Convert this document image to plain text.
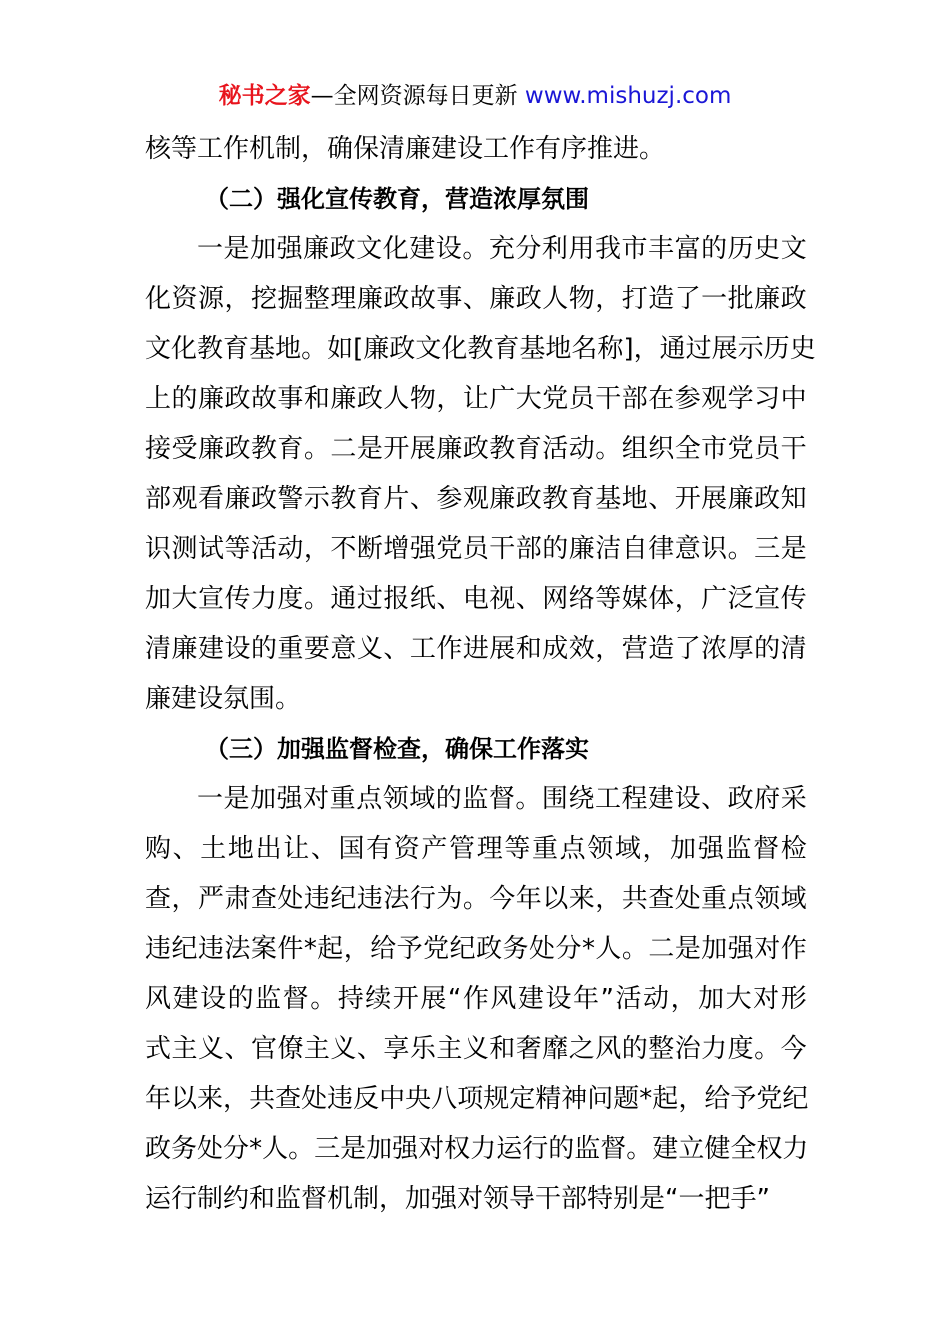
秘书之家—全网资源每日更新 www.mishuzj.com
核等工作机制，确保清廉建设工作有序推进。
（二）强化宣传教育，营造浓厚氛围
一 是 加 强 廉 政 文 化 建 设 。 充 分 利 用 我 市 丰 富 的 历 史 文
化 资 源 ， 挖 掘 整 理 廉 政 故 事 、 廉 政 人 物 ， 打 造 了 一 批 廉 政
文 化 教 育 基 地 。 如 [ 廉 政 文 化 教 育 基 地 名 称 ] ， 通 过 展 示 历 史
上 的 廉 政 故 事 和 廉 政 人 物 ， 让 广 大 党 员 干 部 在 参 观 学 习 中
接 受 廉 政 教 育 。 二 是 开 展 廉 政 教 育 活 动 。 组 织 全 市 党 员 干
部 观 看 廉 政 警 示 教 育 片 、 参 观 廉 政 教 育 基 地 、 开 展 廉 政 知
识 测 试 等 活 动 ， 不 断 增 强 党 员 干 部 的 廉 洁 自 律 意 识 。 三 是
加 大 宣 传 力 度 。 通 过 报 纸 、 电 视 、 网 络 等 媒 体 ， 广 泛 宣 传
清 廉 建 设 的 重 要 意 义 、 工 作 进 展 和 成 效 ， 营 造 了 浓 厚 的 清
廉建设氛围。
（三）加强监督检查，确保工作落实
一 是 加 强 对 重 点 领 域 的 监 督 。 围 绕 工 程 建 设 、 政 府 采
购 、 土 地 出 让 、 国 有 资 产 管 理 等 重 点 领 域 ， 加 强 监 督 检
查 ， 严 肃 查 处 违 纪 违 法 行 为 。 今 年 以 来 ， 共 查 处 重 点 领 域
违 纪 违 法 案 件 * 起 ， 给 予 党 纪 政 务 处 分 * 人 。 二 是 加 强 对 作
风 建 设 的 监 督 。 持 续 开 展 “ 作 风 建 设 年 ” 活 动 ， 加 大 对 形
式 主 义 、 官 僚 主 义 、 享 乐 主 义 和 奢 靡 之 风 的 整 治 力 度 。 今
年 以 来 ， 共 查 处 违 反 中 央 八 项 规 定 精 神 问 题 * 起 ， 给 予 党 纪
政 务 处 分 * 人 。 三 是 加 强 对 权 力 运 行 的 监 督 。 建 立 健 全 权 力
运行制约和监督机制，加强对领导干部特别是“一把手”
